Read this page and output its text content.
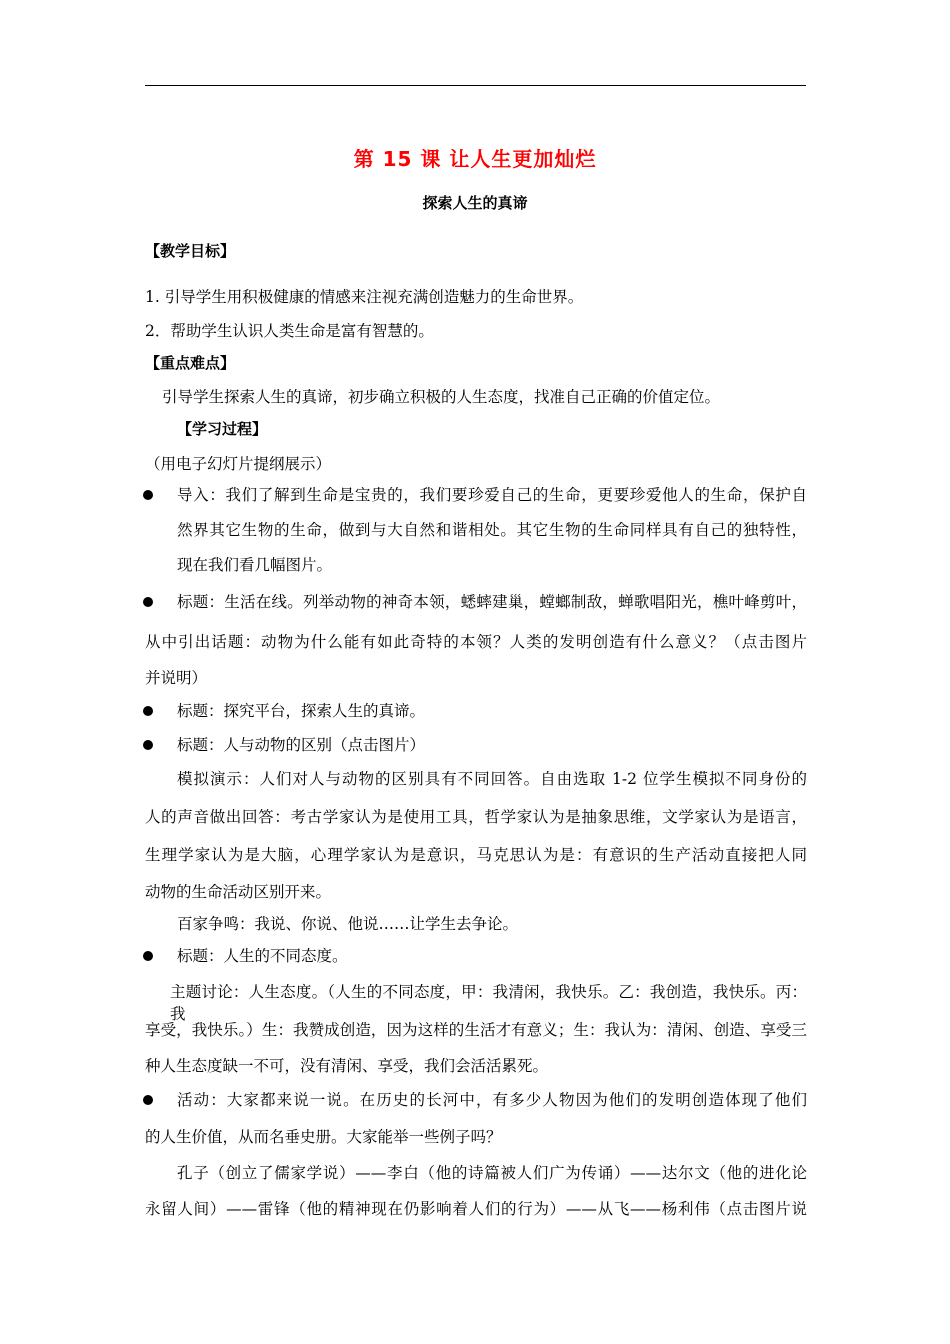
第 15 课 让人生更加灿烂
探索人生的真谛
【教学目标】
1. 引导学生用积极健康的情感来注视充满创造魅力的生命世界。
2．帮助学生认识人类生命是富有智慧的。
【重点难点】
引导学生探索人生的真谛，初步确立积极的人生态度，找准自己正确的价值定位。
【学习过程】
（用电子幻灯片提纲展示）
导入：我们了解到生命是宝贵的，我们要珍爱自己的生命，更要珍爱他人的生命，保护自
然界其它生物的生命，做到与大自然和谐相处。其它生物的生命同样具有自己的独特性，
现在我们看几幅图片。
标题：生活在线。列举动物的神奇本领，蟋蟀建巢，螳螂制敌，蝉歌唱阳光，樵叶峰剪叶，
从中引出话题：动物为什么能有如此奇特的本领？人类的发明创造有什么意义？（点击图片
并说明）
标题：探究平台，探索人生的真谛。
标题：人与动物的区别（点击图片）
模拟演示：人们对人与动物的区别具有不同回答。自由选取 1-2 位学生模拟不同身份的
人的声音做出回答：考古学家认为是使用工具，哲学家认为是抽象思维，文学家认为是语言，
生理学家认为是大脑，心理学家认为是意识，马克思认为是：有意识的生产活动直接把人同
动物的生命活动区别开来。
百家争鸣：我说、你说、他说……让学生去争论。
标题：人生的不同态度。
主题讨论：人生态度。（人生的不同态度，甲：我清闲，我快乐。乙：我创造，我快乐。丙：我
享受，我快乐。）生：我赞成创造，因为这样的生活才有意义；生：我认为：清闲、创造、享受三
种人生态度缺一不可，没有清闲、享受，我们会活活累死。
活动：大家都来说一说。在历史的长河中，有多少人物因为他们的发明创造体现了他们
的人生价值，从而名垂史册。大家能举一些例子吗？
孔子（创立了儒家学说）——李白（他的诗篇被人们广为传诵）——达尔文（他的进化论
永留人间）——雷锋（他的精神现在仍影响着人们的行为）——从飞——杨利伟（点击图片说
